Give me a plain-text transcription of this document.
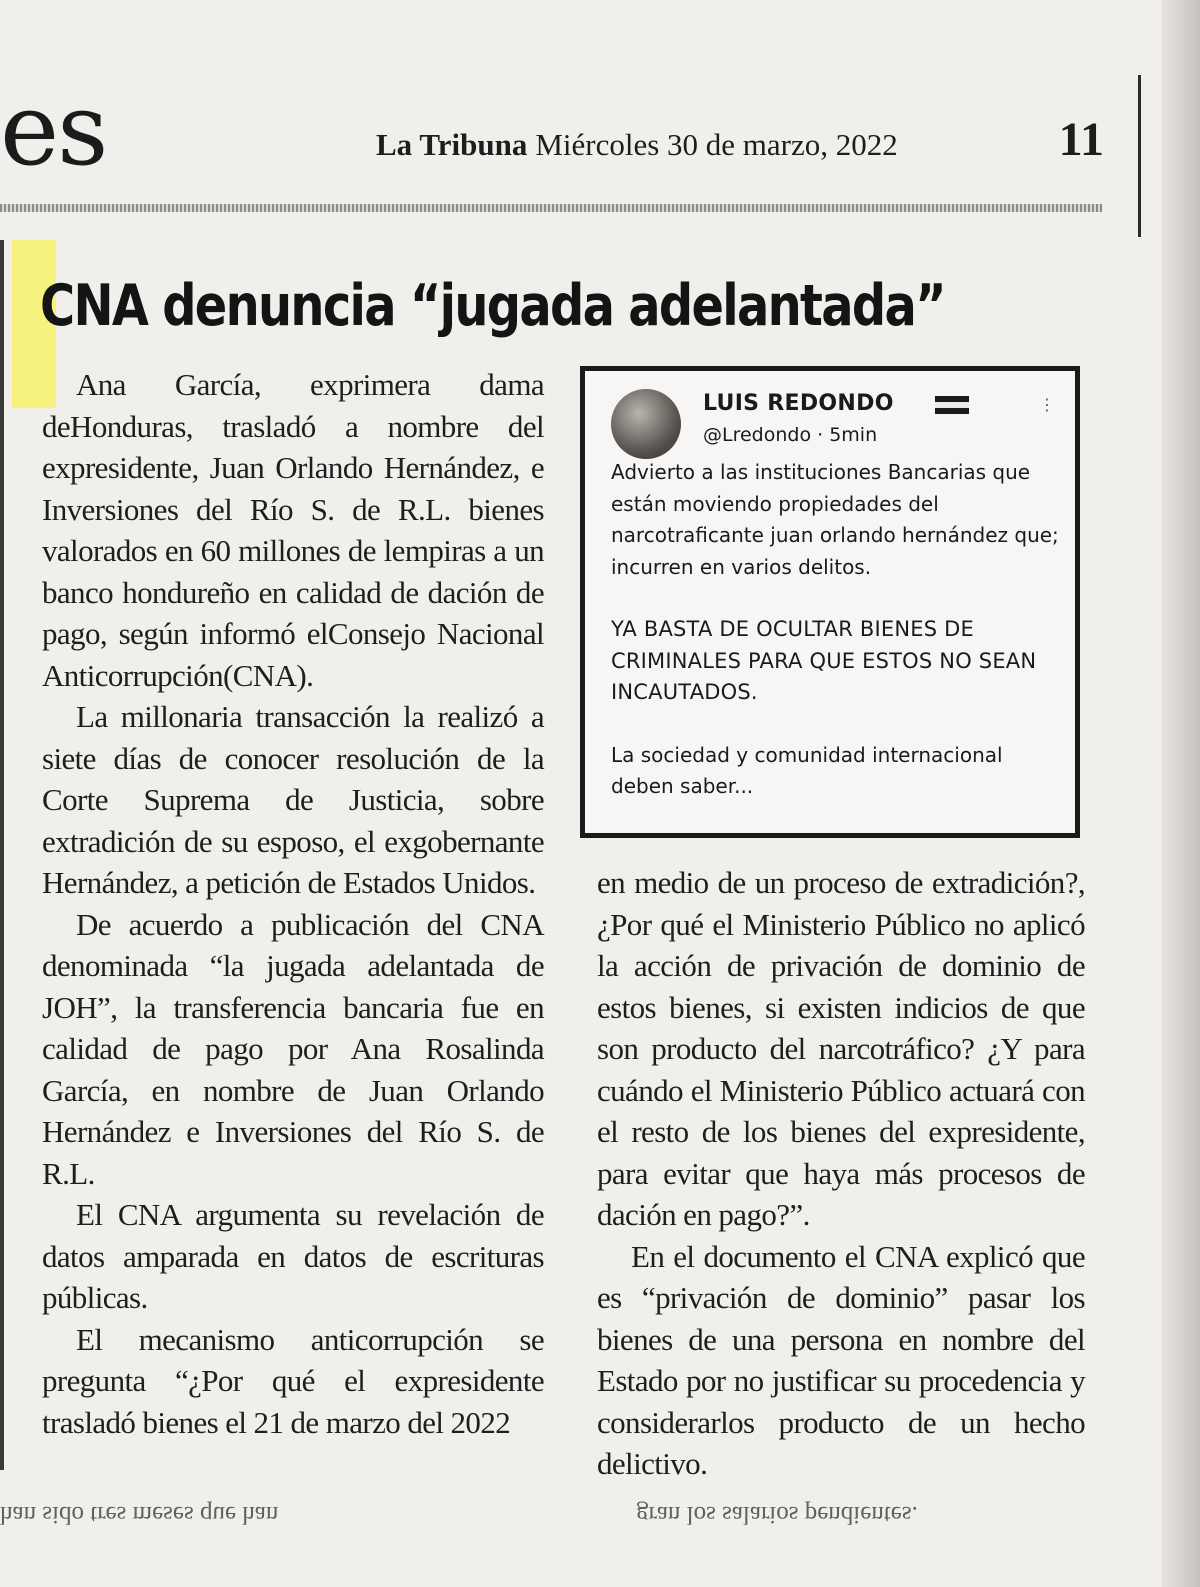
es	La Tribuna Miércoles 30 de marzo, 2022	11
CNA denuncia “jugada adelantada”

Ana García, exprimera dama deHonduras, trasladó a nombre del expresidente, Juan Orlando Hernández, e Inversiones del Río S. de R.L. bienes valorados en 60 millones de lempiras a un banco hondureño en calidad de dación de pago, según informó elConsejo Nacional Anticorrupción(CNA).

La millonaria transacción la realizó a siete días de conocer resolución de la Corte Suprema de Justicia, sobre extradición de su esposo, el exgobernante Hernández, a petición de Estados Unidos.

De acuerdo a publicación del CNA denominada “la jugada adelantada de JOH”, la transferencia bancaria fue en calidad de pago por Ana Rosalinda García, en nombre de Juan Orlando Hernández e Inversiones del Río S. de R.L.

El CNA argumenta su revelación de datos amparada en datos de escrituras públicas.

El mecanismo anticorrupción se pregunta “¿Por qué el expresidente trasladó bienes el 21 de marzo del 2022

LUIS REDONDO	⋮
@Lredondo · 5min

Advierto a las instituciones Bancarias que están moviendo propiedades del narcotraficante juan orlando hernández que; incurren en varios delitos.

YA BASTA DE OCULTAR BIENES DE CRIMINALES PARA QUE ESTOS NO SEAN INCAUTADOS.

La sociedad y comunidad internacional deben saber...

en medio de un proceso de extradición?, ¿Por qué el Ministerio Público no aplicó la acción de privación de dominio de estos bienes, si existen indicios de que son producto del narcotráfico? ¿Y para cuándo el Ministerio Público actuará con el resto de los bienes del expresidente, para evitar que haya más procesos de dación en pago?”.

En el documento el CNA explicó que es “privación de dominio” pasar los bienes de una persona en nombre del Estado por no justificar su procedencia y considerarlos producto de un hecho delictivo.

han sido tres meses que han	gran los salarios pendientes.
